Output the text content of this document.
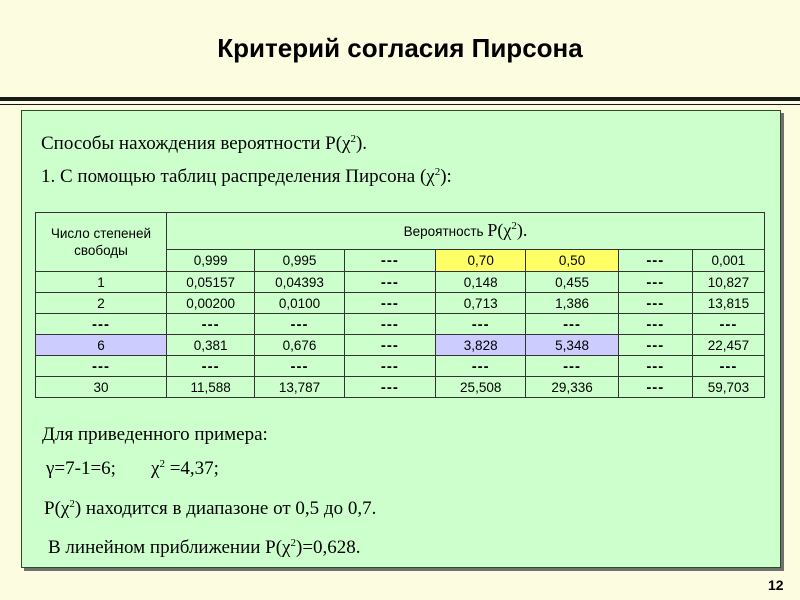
Критерий согласия Пирсона
Способы нахождения вероятности $P(\chi^2)$.
1. С помощью таблиц распределения Пирсона $(\chi^2)$:
Число степеней свободы	Вероятность $P(\chi^2)$.						
	0,999	0,995	---	0,70	0,50	---	0,001
1	0,05157	0,04393	---	0,148	0,455	---	10,827
2	0,00200	0,0100	---	0,713	1,386	---	13,815
---	---	---	---	---	---	---	---
6	0,381	0,676	---	3,828	5,348	---	22,457
---	---	---	---	---	---	---	---
30	11,588	13,787	---	25,508	29,336	---	59,703
Для приведенного примера:
γ=7-1=6; $\chi^2 =4,37$;
$P(\chi^2)$ находится в диапазоне от 0,5 до 0,7.
В линейном приближении $P(\chi^2)=0,628$.
12
